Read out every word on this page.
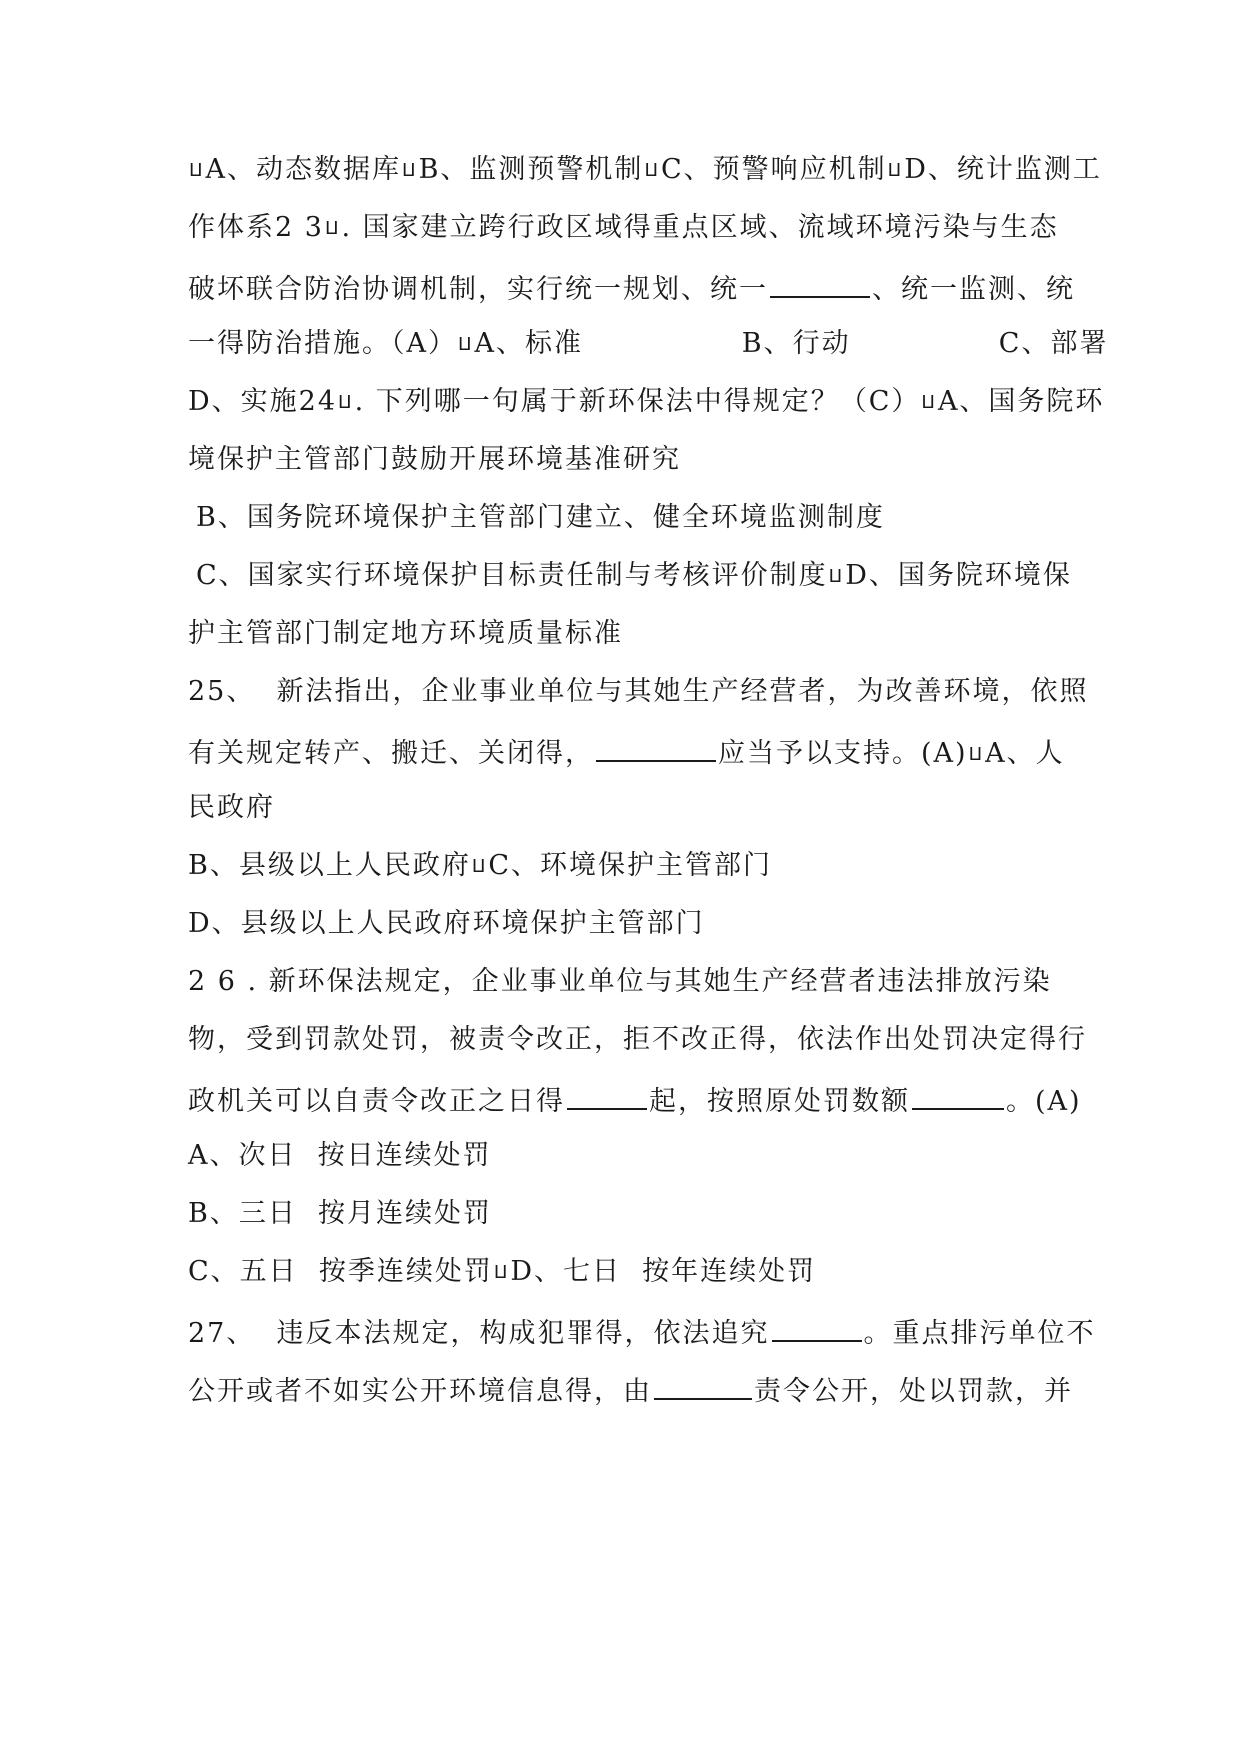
ⵡA、动态数据库ⵡB、监测预警机制ⵡC、预警响应机制ⵡD、统计监测工
作体系2 3ⵡ. 国家建立跨行政区域得重点区域、流域环境污染与生态
破坏联合防治协调机制，实行统一规划、统一	、统一监测、统
一得防治措施。（A）ⵡA、标准               B、行动              C、部署
D、实施24ⵡ. 下列哪一句属于新环保法中得规定？（C）ⵡA、国务院环
境保护主管部门鼓励开展环境基准研究
B、国务院环境保护主管部门建立、健全环境监测制度
C、国家实行环境保护目标责任制与考核评价制度ⵡD、国务院环境保
护主管部门制定地方环境质量标准
25、  新法指出，企业事业单位与其她生产经营者，为改善环境，依照
有关规定转产、搬迁、关闭得，	应当予以支持。(A)ⵡA、人
民政府
B、县级以上人民政府ⵡC、环境保护主管部门
D、县级以上人民政府环境保护主管部门
2 6 . 新环保法规定，企业事业单位与其她生产经营者违法排放污染
物，受到罚款处罚，被责令改正，拒不改正得，依法作出处罚决定得行
政机关可以自责令改正之日得	起，按照原处罚数额	。(A)
A、次日  按日连续处罚
B、三日  按月连续处罚
C、五日  按季连续处罚ⵡD、七日  按年连续处罚
27、  违反本法规定，构成犯罪得，依法追究	。重点排污单位不
公开或者不如实公开环境信息得，由	责令公开，处以罚款，并
